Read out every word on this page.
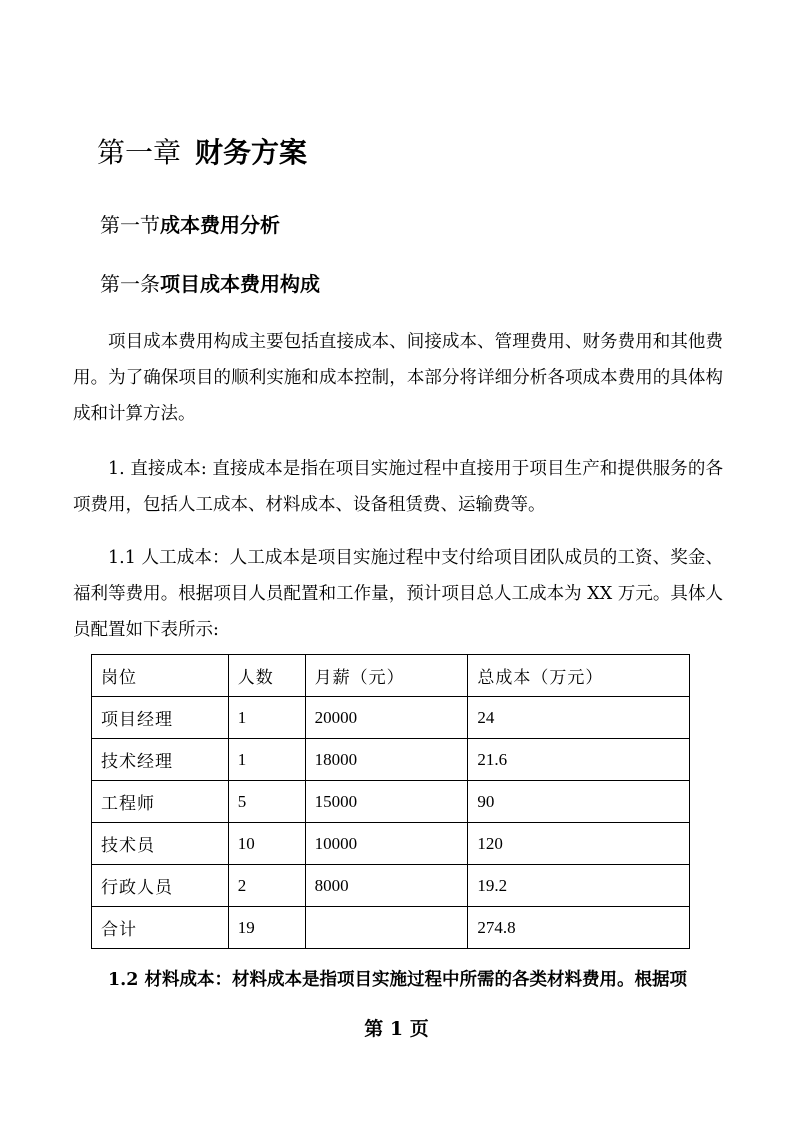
第一章 财务方案
第一节成本费用分析
第一条项目成本费用构成
项目成本费用构成主要包括直接成本、间接成本、管理费用、财务费用和其他费用。为了确保项目的顺利实施和成本控制，本部分将详细分析各项成本费用的具体构成和计算方法。
1. 直接成本: 直接成本是指在项目实施过程中直接用于项目生产和提供服务的各项费用，包括人工成本、材料成本、设备租赁费、运输费等。
1.1 人工成本：人工成本是项目实施过程中支付给项目团队成员的工资、奖金、福利等费用。根据项目人员配置和工作量，预计项目总人工成本为 XX 万元。具体人员配置如下表所示:
岗位	人数	月薪（元）	总成本（万元）
项目经理	1	20000	24
技术经理	1	18000	21.6
工程师	5	15000	90
技术员	10	10000	120
行政人员	2	8000	19.2
合计	19		274.8
1.2 材料成本：材料成本是指项目实施过程中所需的各类材料费用。根据项
第 1 页
